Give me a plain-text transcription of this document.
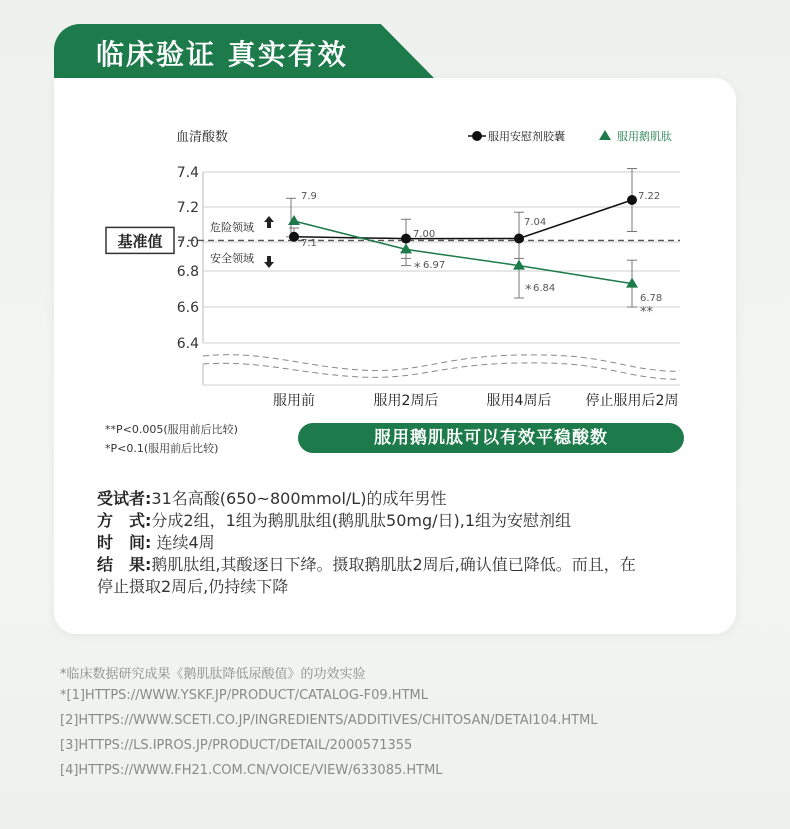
临床验证 真实有效
血清酸数
7.4
7.2
7.0
6.8
6.6
6.4
基准值
危险领域
安全领域
服用前	服用2周后	服用4周后 停止服用后2周
服用安慰剂胶囊	服用鹅肌肽
7.9
7.1
7.00
6.97
7.04
6.84
7.22
6.78
*
*
**
**P<0.005(服用前后比较)
*P<0.1(服用前后比较)
服用鹅肌肽可以有效平稳酸数
受试者:31名高酸(650~800mmol/L)的成年男性
方　式:分成2组，1组为鹅肌肽组(鹅肌肽50mg/日),1组为安慰剂组
时　间: 连续4周
结　果:鹅肌肽组,其酸逐日下绛。摄取鹅肌肽2周后,确认值已降低。而且，在
停止摄取2周后,仍持续下降
*临床数据研究成果《鹅肌肽降低尿酸值》的功效实验
*[1]HTTPS://WWW.YSKF.JP/PRODUCT/CATALOG-F09.HTML
[2]HTTPS://WWW.SCETI.CO.JP/INGREDIENTS/ADDITIVES/CHITOSAN/DETAI104.HTML
[3]HTTPS://LS.IPROS.JP/PRODUCT/DETAIL/2000571355
[4]HTTPS://WWW.FH21.COM.CN/VOICE/VIEW/633085.HTML
